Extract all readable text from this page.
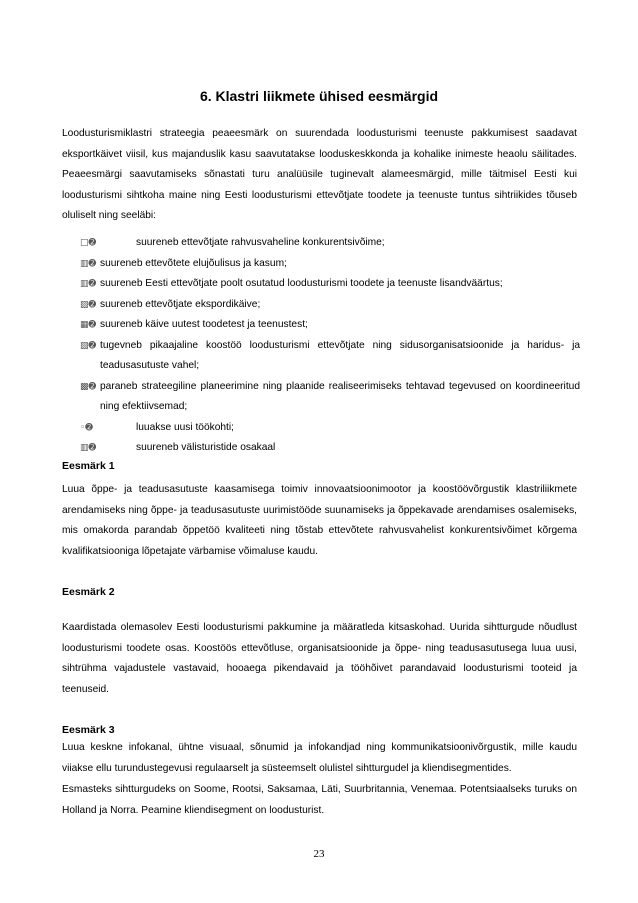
6. Klastri liikmete ühised eesmärgid

Loodusturismiklastri strateegia peaeesmärk on suurendada loodusturismi teenuste pakkumisest saadavat eksportkäivet viisil, kus majanduslik kasu saavutatakse looduskeskkonda ja kohalike inimeste heaolu säilitades. Peaeesmärgi saavutamiseks sõnastati turu analüüsile tuginevalt alameesmärgid, mille täitmisel Eesti kui loodusturismi sihtkoha maine ning Eesti loodusturismi ettevõtjate toodete ja teenuste tuntus sihtriikides tõuseb oluliselt ning seeläbi:

□➋	suureneb ettevõtjate rahvusvaheline konkurentsivõime;
▥➋ suureneb ettevõtete elujõulisus ja kasum;
▥➋ suureneb Eesti ettevõtjate poolt osutatud loodusturismi toodete ja teenuste lisandväärtus;
▨➋ suureneb ettevõtjate ekspordikäive;
▦➋ suureneb käive uutest toodetest ja teenustest;
▧➋ tugevneb pikaajaline koostöö loodusturismi ettevõtjate ning sidusorganisatsioonide ja haridus- ja teadusasutuste vahel;
▩➋ paraneb strateegiline planeerimine ning plaanide realiseerimiseks tehtavad tegevused on koordineeritud ning efektiivsemad;
◦➋	luuakse uusi töökohti;
▥➋	suureneb välisturistide osakaal
Eesmärk 1

Luua õppe- ja teadusasutuste kaasamisega toimiv innovaatsioonimootor ja koostöövõrgustik klastriliikmete arendamiseks ning õppe- ja teadusasutuste uurimistööde suunamiseks ja õppekavade arendamises osalemiseks, mis omakorda parandab õppetöö kvaliteeti ning tõstab ettevõtete rahvusvahelist konkurentsivõimet kõrgema kvalifikatsiooniga lõpetajate värbamise võimaluse kaudu.

Eesmärk 2

Kaardistada olemasolev Eesti loodusturismi pakkumine ja määratleda kitsaskohad. Uurida sihtturgude nõudlust loodusturismi toodete osas. Koostöös ettevõtluse, organisatsioonide ja õppe- ning teadusasutusega luua uusi, sihtrühma vajadustele vastavaid, hooaega pikendavaid ja tööhõivet parandavaid loodusturismi tooteid ja teenuseid.

Eesmärk 3

Luua keskne infokanal, ühtne visuaal, sõnumid ja infokandjad ning kommunikatsioonivõrgustik, mille kaudu viiakse ellu turundustegevusi regulaarselt ja süsteemselt olulistel sihtturgudel ja kliendisegmentides.

Esmasteks sihtturgudeks on Soome, Rootsi, Saksamaa, Läti, Suurbritannia, Venemaa. Potentsiaalseks turuks on Holland ja Norra. Peamine kliendisegment on loodusturist.

23
